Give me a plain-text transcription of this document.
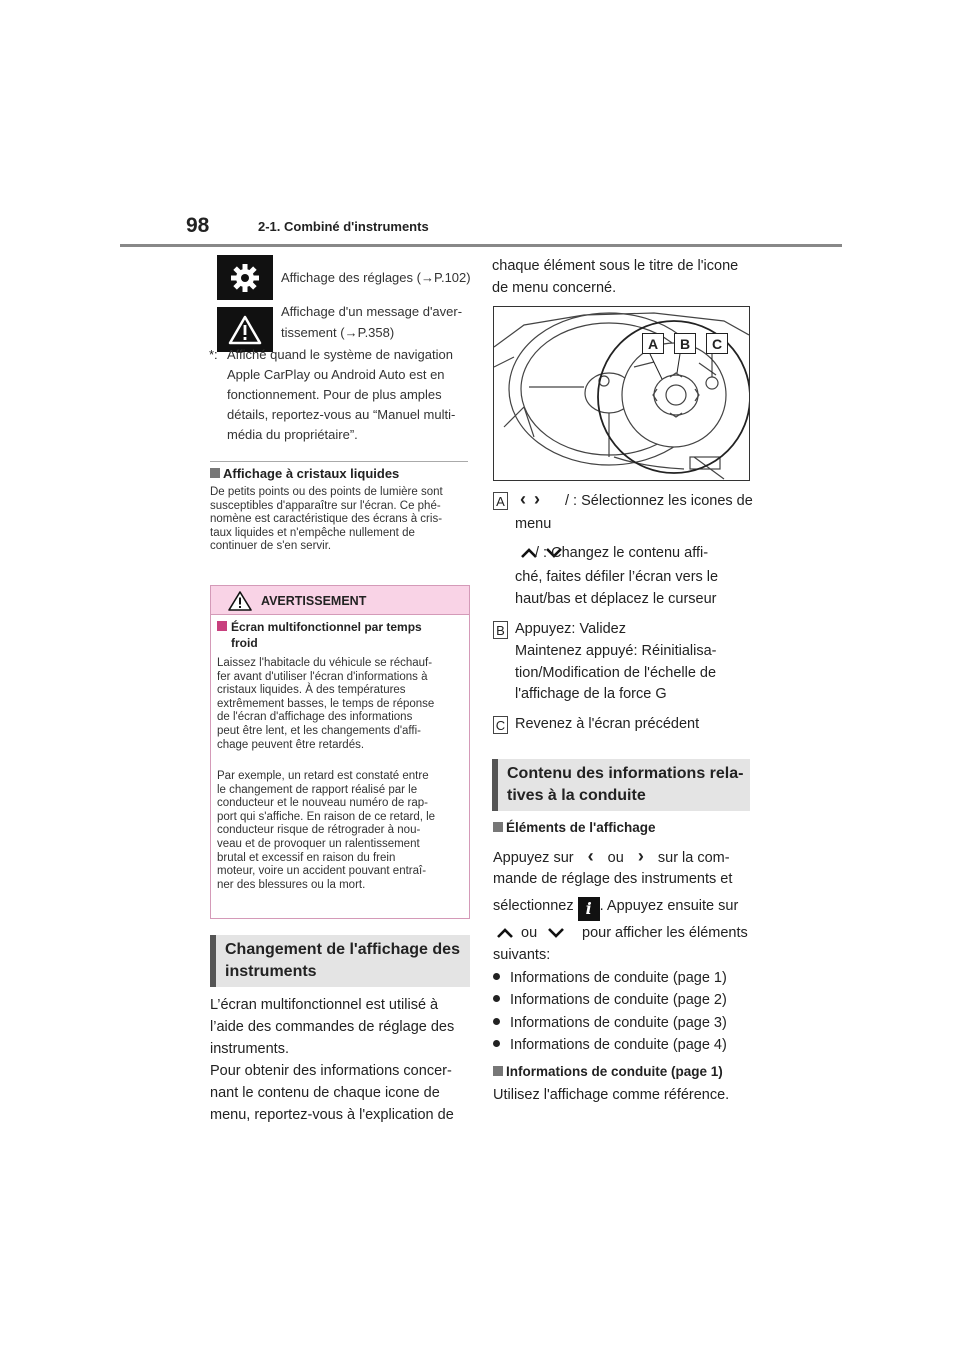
98	2-1. Combiné d'instruments
Affichage des réglages (→P.102)
Affichage d'un message d'aver-
tissement (→P.358)
*: Affiché quand le système de navigation
Apple CarPlay ou Android Auto est en
fonctionnement. Pour de plus amples
détails, reportez-vous au “Manuel multi-
média du propriétaire”.
Affichage à cristaux liquides
De petits points ou des points de lumière sont
susceptibles d'apparaître sur l'écran. Ce phé-
nomène est caractéristique des écrans à cris-
taux liquides et n'empêche nullement de
continuer de s'en servir.
AVERTISSEMENT
Écran multifonctionnel par temps
froid
Laissez l'habitacle du véhicule se réchauf-
fer avant d'utiliser l'écran d'informations à
cristaux liquides. À des températures
extrêmement basses, le temps de réponse
de l'écran d'affichage des informations
peut être lent, et les changements d'affi-
chage peuvent être retardés.
Par exemple, un retard est constaté entre
le changement de rapport réalisé par le
conducteur et le nouveau numéro de rap-
port qui s'affiche. En raison de ce retard, le
conducteur risque de rétrograder à nou-
veau et de provoquer un ralentissement
brutal et excessif en raison du frein
moteur, voire un accident pouvant entraî-
ner des blessures ou la mort.
Changement de l'affichage des
instruments
L’écran multifonctionnel est utilisé à
l’aide des commandes de réglage des
instruments.
Pour obtenir des informations concer-
nant le contenu de chaque icone de
menu, reportez-vous à l'explication de
chaque élément sous le titre de l'icone
de menu concerné.
A	B	C
A ‹ › / : Sélectionnez les icones de
menu
/ : Changez le contenu affi-
ché, faites défiler l’écran vers le
haut/bas et déplacez le curseur
B Appuyez: Validez
Maintenez appuyé: Réinitialisa-
tion/Modification de l'échelle de
l'affichage de la force G
C Revenez à l'écran précédent
Contenu des informations rela-
tives à la conduite
Éléments de l'affichage
Appuyez sur ‹ ou › sur la com-
mande de réglage des instruments et
sélectionnez i . Appuyez ensuite sur
ou	pour afficher les éléments
suivants:
Informations de conduite (page 1)
Informations de conduite (page 2)
Informations de conduite (page 3)
Informations de conduite (page 4)
Informations de conduite (page 1)
Utilisez l'affichage comme référence.
